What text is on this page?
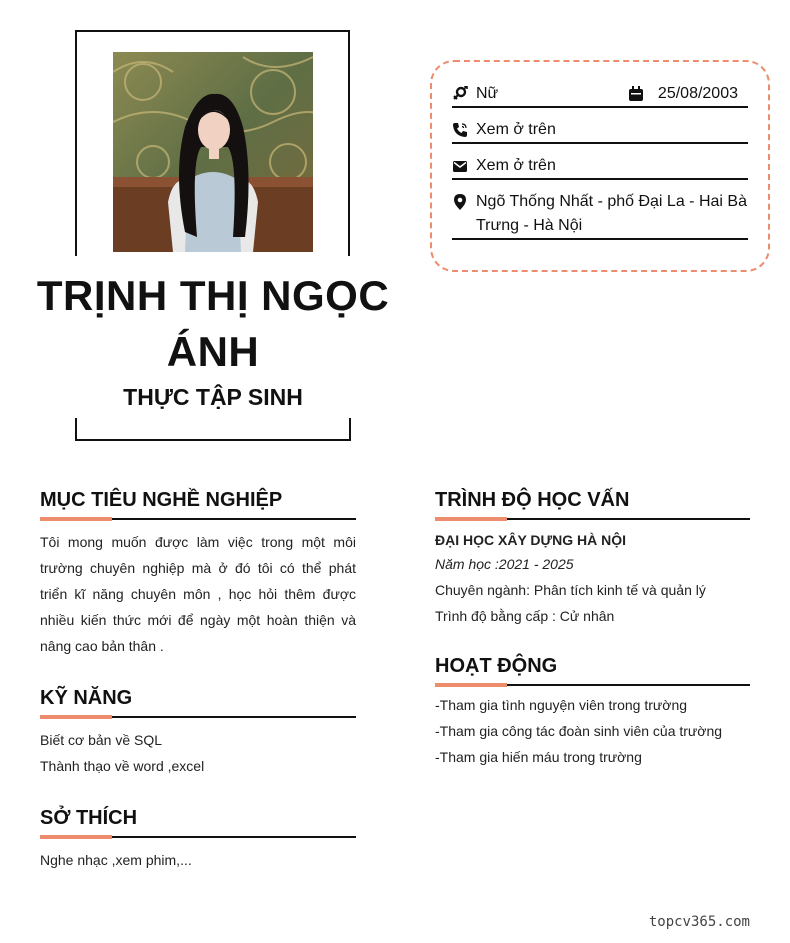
TRỊNH THỊ NGỌC
ÁNH
THỰC TẬP SINH
Nữ	25/08/2003
Xem ở trên
Xem ở trên
Ngõ Thống Nhất - phố Đại La - Hai Bà Trưng - Hà Nội
MỤC TIÊU NGHỀ NGHIỆP
Tôi mong muốn được làm việc trong một môi trường chuyên nghiệp mà ở đó tôi có thể phát triển kĩ năng chuyên môn , học hỏi thêm được nhiều kiến thức mới để ngày một hoàn thiện và nâng cao bản thân .
KỸ NĂNG
Biết cơ bản về SQL
Thành thạo về word ,excel
SỞ THÍCH
Nghe nhạc ,xem phim,...
TRÌNH ĐỘ HỌC VẤN
ĐẠI HỌC XÂY DỰNG HÀ NỘI
Năm học :2021 - 2025
Chuyên ngành: Phân tích kinh tế và quản lý
Trình độ bằng cấp : Cử nhân
HOẠT ĐỘNG
-Tham gia tình nguyện viên trong trường
-Tham gia công tác đoàn sinh viên của trường
-Tham gia hiến máu trong trường
topcv365.com
